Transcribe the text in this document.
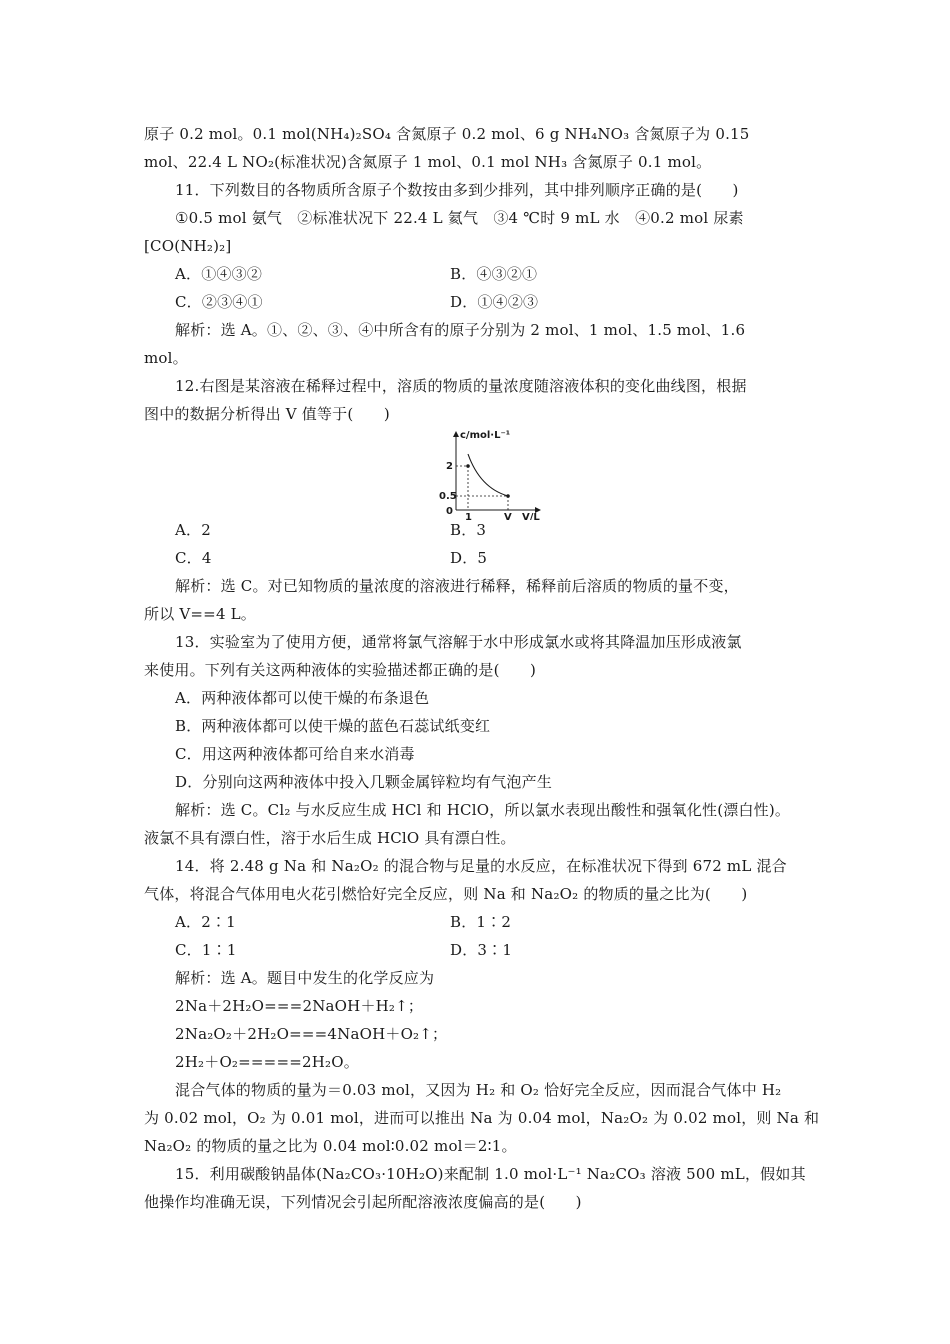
原子 0.2 mol。0.1 mol(NH₄)₂SO₄ 含氮原子 0.2 mol、6 g NH₄NO₃ 含氮原子为 0.15
mol、22.4 L NO₂(标准状况)含氮原子 1 mol、0.1 mol NH₃ 含氮原子 0.1 mol。
11．下列数目的各物质所含原子个数按由多到少排列，其中排列顺序正确的是(　　)
①0.5 mol 氨气　②标准状况下 22.4 L 氦气　③4 ℃时 9 mL 水　④0.2 mol 尿素
[CO(NH₂)₂]
A．①④③②	B．④③②①
C．②③④①	D．①④②③
解析：选 A。①、②、③、④中所含有的原子分别为 2 mol、1 mol、1.5 mol、1.6
mol。
12.右图是某溶液在稀释过程中，溶质的物质的量浓度随溶液体积的变化曲线图，根据
图中的数据分析得出 V 值等于(　　)
c/mol·L⁻¹
2
0.5
0
1	V V/L
A．2	B．3
C．4	D．5
解析：选 C。对已知物质的量浓度的溶液进行稀释，稀释前后溶质的物质的量不变，
所以 V==4 L。
13．实验室为了使用方便，通常将氯气溶解于水中形成氯水或将其降温加压形成液氯
来使用。下列有关这两种液体的实验描述都正确的是(　　)
A．两种液体都可以使干燥的布条退色
B．两种液体都可以使干燥的蓝色石蕊试纸变红
C．用这两种液体都可给自来水消毒
D．分别向这两种液体中投入几颗金属锌粒均有气泡产生
解析：选 C。Cl₂ 与水反应生成 HCl 和 HClO，所以氯水表现出酸性和强氧化性(漂白性)。
液氯不具有漂白性，溶于水后生成 HClO 具有漂白性。
14．将 2.48 g Na 和 Na₂O₂ 的混合物与足量的水反应，在标准状况下得到 672 mL 混合
气体，将混合气体用电火花引燃恰好完全反应，则 Na 和 Na₂O₂ 的物质的量之比为(　　)
A．2∶1	B．1∶2
C．1∶1	D．3∶1
解析：选 A。题目中发生的化学反应为
2Na＋2H₂O===2NaOH＋H₂↑；
2Na₂O₂＋2H₂O===4NaOH＋O₂↑；
2H₂＋O₂=====2H₂O。
混合气体的物质的量为＝0.03 mol，又因为 H₂ 和 O₂ 恰好完全反应，因而混合气体中 H₂
为 0.02 mol，O₂ 为 0.01 mol，进而可以推出 Na 为 0.04 mol，Na₂O₂ 为 0.02 mol，则 Na 和
Na₂O₂ 的物质的量之比为 0.04 mol∶0.02 mol＝2∶1。
15．利用碳酸钠晶体(Na₂CO₃·10H₂O)来配制 1.0 mol·L⁻¹ Na₂CO₃ 溶液 500 mL，假如其
他操作均准确无误，下列情况会引起所配溶液浓度偏高的是(　　)
